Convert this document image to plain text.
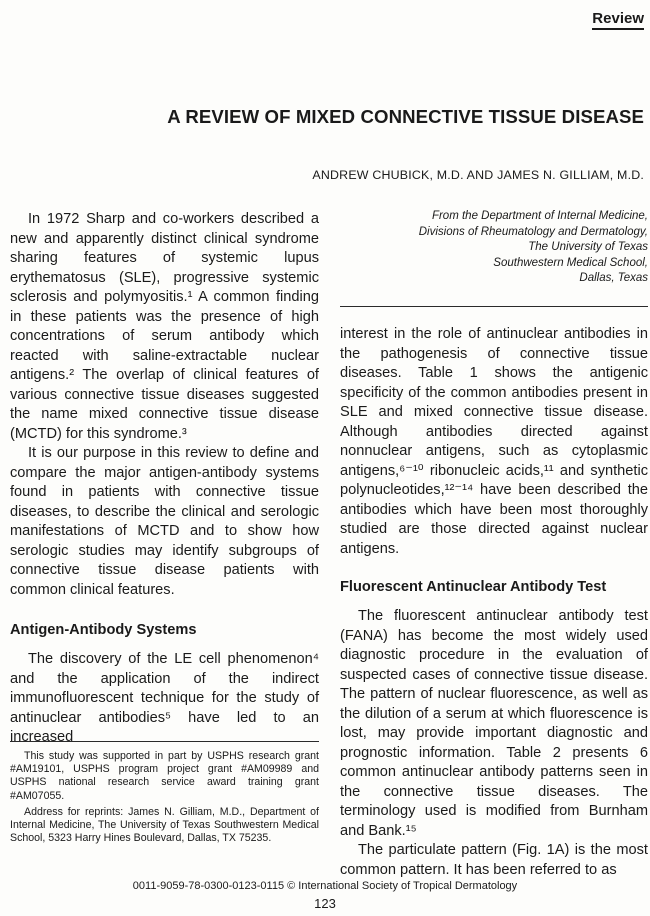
Review
A REVIEW OF MIXED CONNECTIVE TISSUE DISEASE
ANDREW CHUBICK, M.D. AND JAMES N. GILLIAM, M.D.

In 1972 Sharp and co-workers described a new and apparently distinct clinical syndrome sharing features of systemic lupus erythematosus (SLE), progressive systemic sclerosis and polymyositis.¹ A common finding in these patients was the presence of high concentrations of serum antibody which reacted with saline-extractable nuclear antigens.² The overlap of clinical features of various connective tissue diseases suggested the name mixed connective tissue disease (MCTD) for this syndrome.³

It is our purpose in this review to define and compare the major antigen-antibody systems found in patients with connective tissue diseases, to describe the clinical and serologic manifestations of MCTD and to show how serologic studies may identify subgroups of connective tissue disease patients with common clinical features.

Antigen-Antibody Systems

The discovery of the LE cell phenomenon⁴ and the application of the indirect immunofluorescent technique for the study of antinuclear antibodies⁵ have led to an increased

This study was supported in part by USPHS research grant #AM19101, USPHS program project grant #AM09989 and USPHS national research service award training grant #AM07055.

Address for reprints: James N. Gilliam, M.D., Department of Internal Medicine, The University of Texas Southwestern Medical School, 5323 Harry Hines Boulevard, Dallas, TX 75235.

From the Department of Internal Medicine,

Divisions of Rheumatology and Dermatology,

The University of Texas

Southwestern Medical School,

Dallas, Texas

interest in the role of antinuclear antibodies in the pathogenesis of connective tissue diseases. Table 1 shows the antigenic specificity of the common antibodies present in SLE and mixed connective tissue disease. Although antibodies directed against nonnuclear antigens, such as cytoplasmic antigens,⁶⁻¹⁰ ribonucleic acids,¹¹ and synthetic polynucleotides,¹²⁻¹⁴ have been described the antibodies which have been most thoroughly studied are those directed against nuclear antigens.

Fluorescent Antinuclear Antibody Test

The fluorescent antinuclear antibody test (FANA) has become the most widely used diagnostic procedure in the evaluation of suspected cases of connective tissue disease. The pattern of nuclear fluorescence, as well as the dilution of a serum at which fluorescence is lost, may provide important diagnostic and prognostic information. Table 2 presents 6 common antinuclear antibody patterns seen in the connective tissue diseases. The terminology used is modified from Burnham and Bank.¹⁵

The particulate pattern (Fig. 1A) is the most common pattern. It has been referred to as

0011-9059-78-0300-0123-0115 © International Society of Tropical Dermatology
123
